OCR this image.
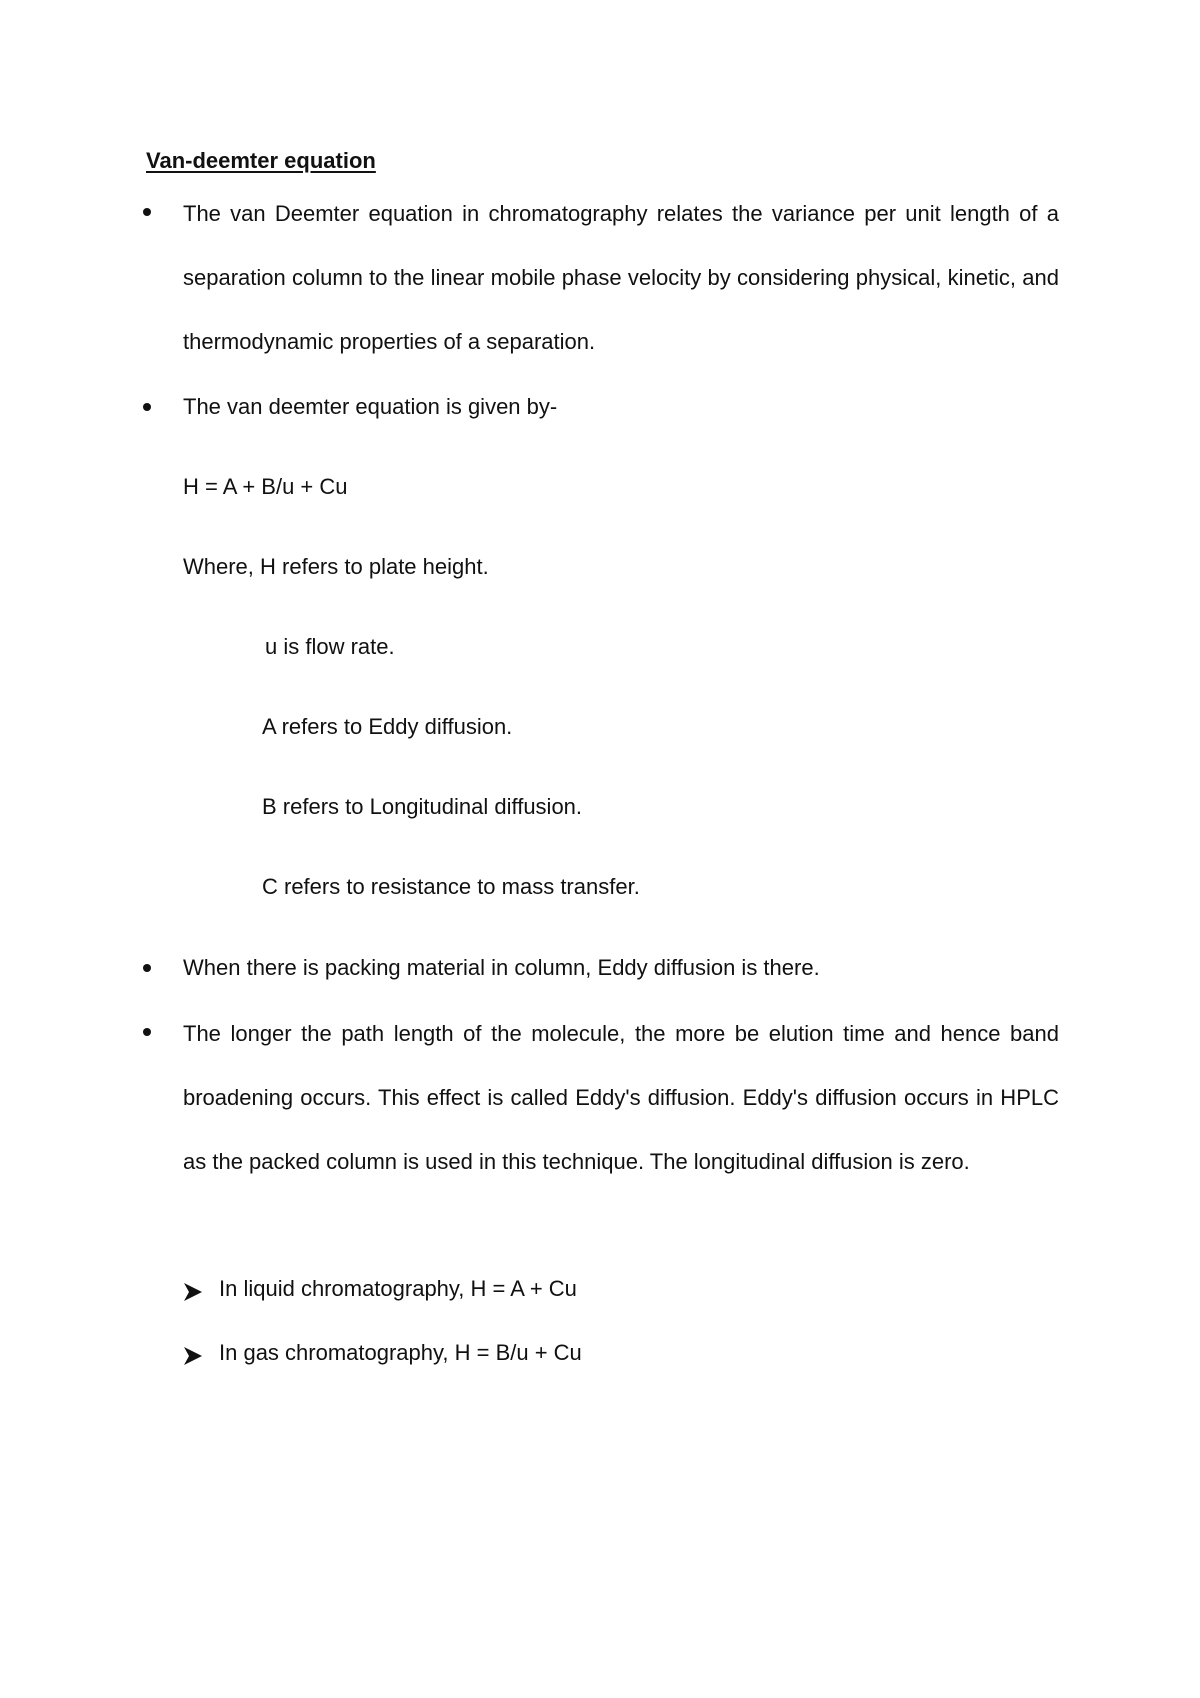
Van-deemter equation

The van Deemter equation in chromatography relates the variance per unit length of a separation column to the linear mobile phase velocity by considering physical, kinetic, and thermodynamic properties of a separation.

The van deemter equation is given by-

H = A + B/u + Cu

Where, H refers to plate height.

u is flow rate.

A refers to Eddy diffusion.

B refers to Longitudinal diffusion.

C refers to resistance to mass transfer.

When there is packing material in column, Eddy diffusion is there.

The longer the path length of the molecule, the more be elution time and hence band broadening occurs. This effect is called Eddy's diffusion. Eddy's diffusion occurs in HPLC as the packed column is used in this technique. The longitudinal diffusion is zero.

In liquid chromatography, H = A + Cu

In gas chromatography, H = B/u + Cu
